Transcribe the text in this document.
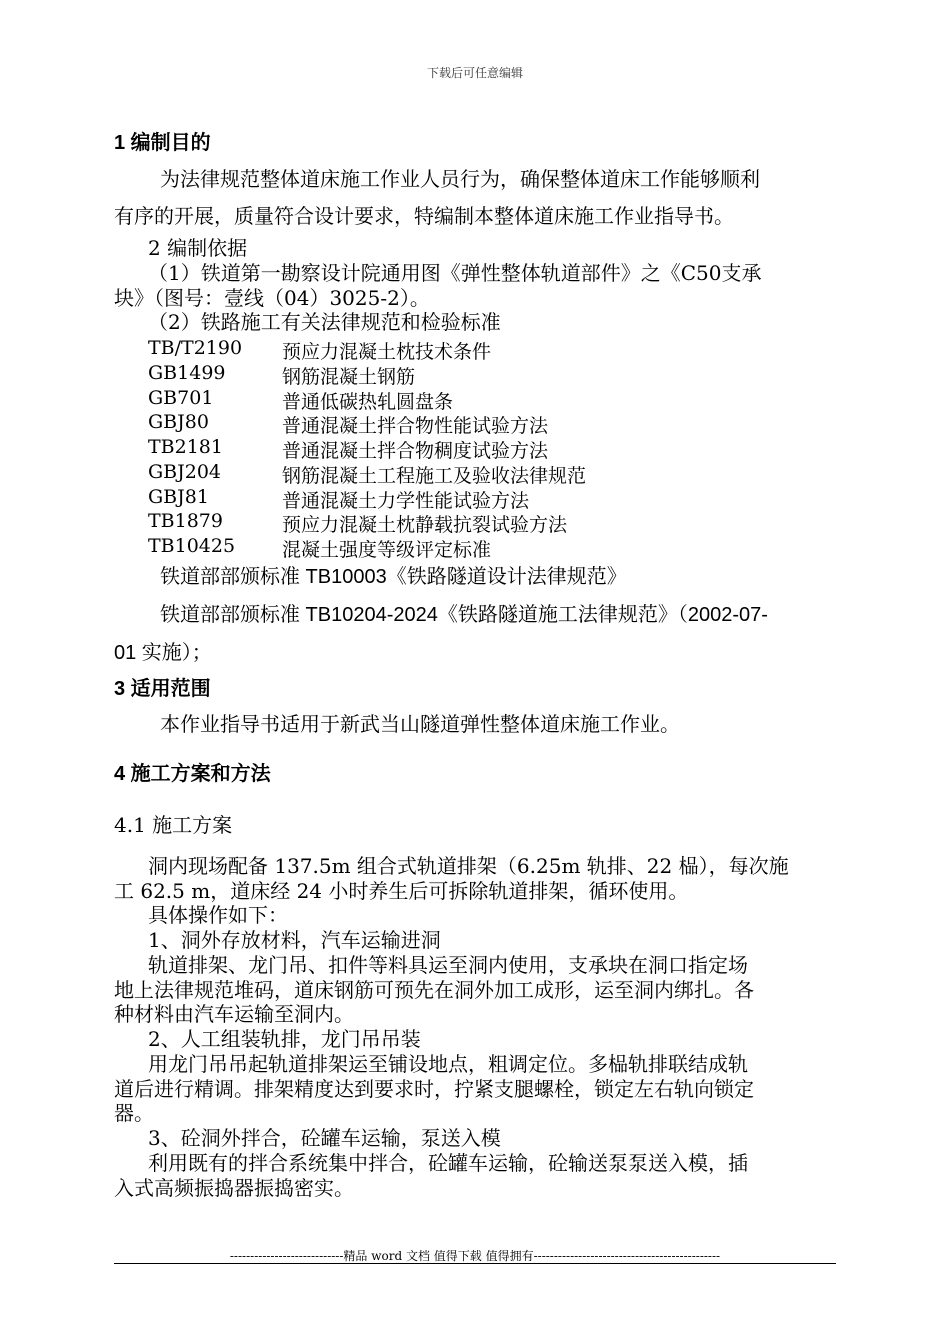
下载后可任意编辑
1 编制目的
为法律规范整体道床施工作业人员行为，确保整体道床工作能够顺利
有序的开展，质量符合设计要求，特编制本整体道床施工作业指导书。
2 编制依据
（1）铁道第一勘察设计院通用图《弹性整体轨道部件》之《C50支承
块》（图号：壹线（04）3025-2）。
（2）铁路施工有关法律规范和检验标准
TB/T2190 预应力混凝土枕技术条件
GB1499	钢筋混凝土钢筋
GB701	普通低碳热轧圆盘条
GBJ80	普通混凝土拌合物性能试验方法
TB2181	普通混凝土拌合物稠度试验方法
GBJ204	钢筋混凝土工程施工及验收法律规范
GBJ81	普通混凝土力学性能试验方法
TB1879	预应力混凝土枕静载抗裂试验方法
TB10425 混凝土强度等级评定标准
铁道部部颁标准 TB10003《铁路隧道设计法律规范》
铁道部部颁标准 TB10204-2024《铁路隧道施工法律规范》（2002-07-
01 实施）；
3 适用范围
本作业指导书适用于新武当山隧道弹性整体道床施工作业。
4 施工方案和方法
4.1 施工方案
洞内现场配备 137.5m 组合式轨道排架（6.25m 轨排、22 榀），每次施
工 62.5 m，道床经 24 小时养生后可拆除轨道排架，循环使用。
具体操作如下：
1、洞外存放材料，汽车运输进洞
轨道排架、龙门吊、扣件等料具运至洞内使用，支承块在洞口指定场
地上法律规范堆码，道床钢筋可预先在洞外加工成形，运至洞内绑扎。各
种材料由汽车运输至洞内。
2、人工组装轨排，龙门吊吊装
用龙门吊吊起轨道排架运至铺设地点，粗调定位。多榀轨排联结成轨
道后进行精调。排架精度达到要求时，拧紧支腿螺栓，锁定左右轨向锁定
器。
3、砼洞外拌合，砼罐车运输，泵送入模
利用既有的拌合系统集中拌合，砼罐车运输，砼输送泵泵送入模，插
入式高频振捣器振捣密实。
----------------------------精品 word 文档 值得下载 值得拥有----------------------------------------------
